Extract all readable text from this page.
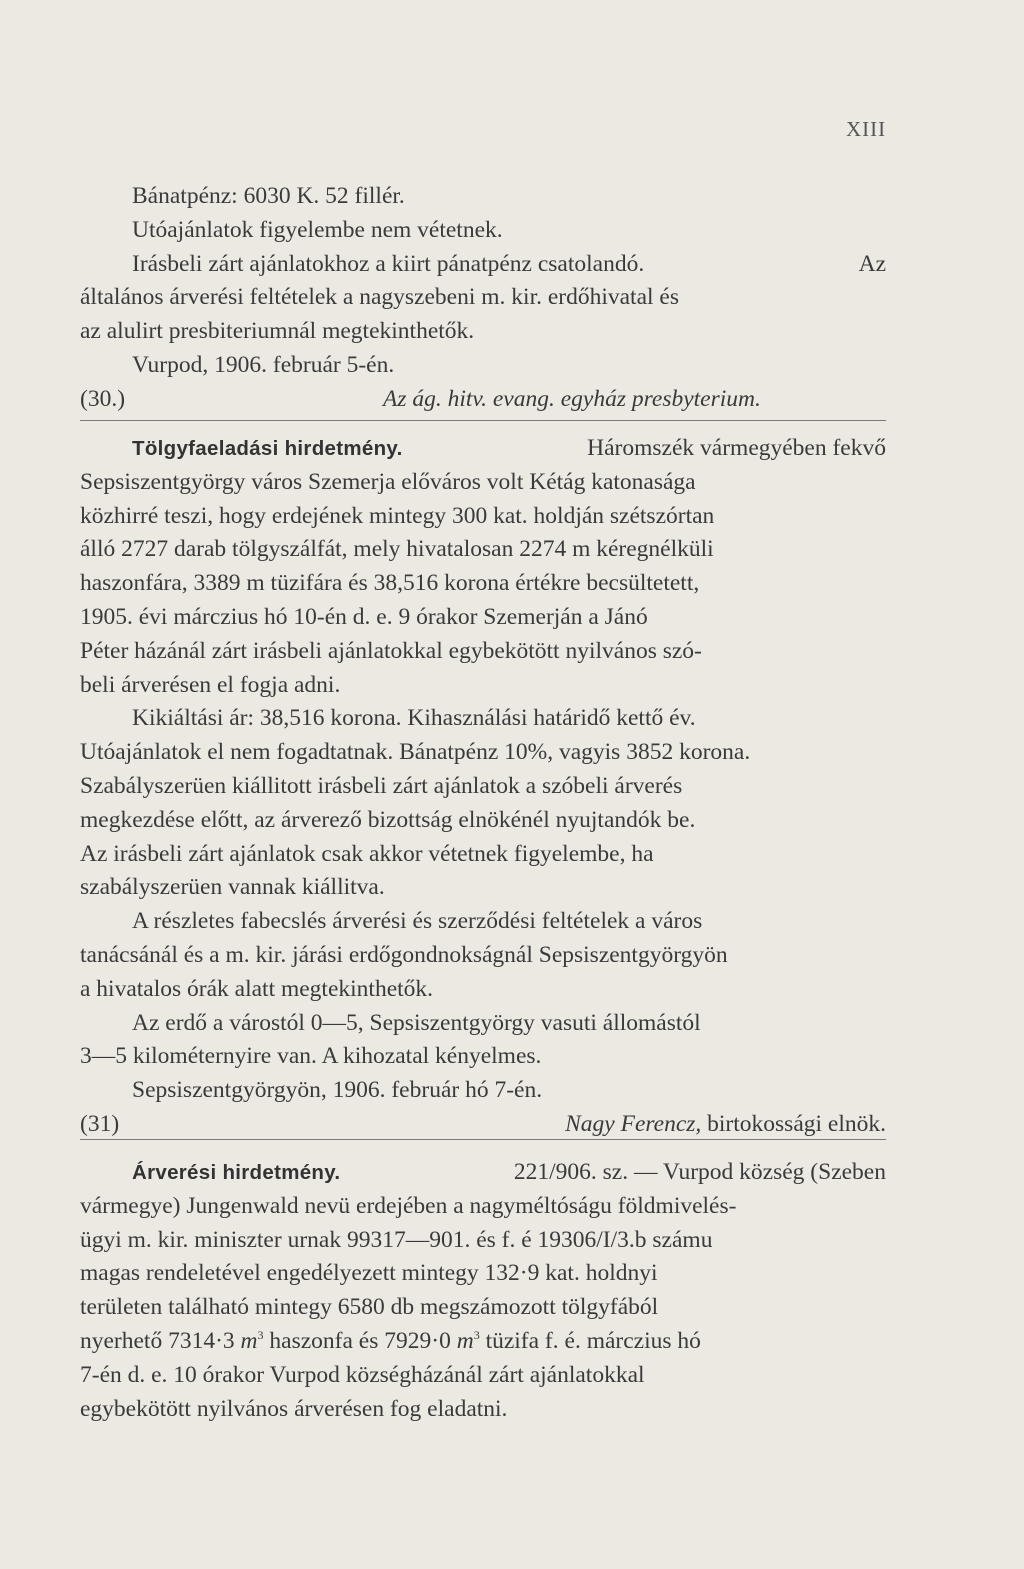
XIII
Bánatpénz: 6030 K. 52 fillér.
Utóajánlatok figyelembe nem vétetnek.
Irásbeli zárt ajánlatokhoz a kiirt pánatpénz csatolandó.	Az
általános árverési feltételek a nagyszebeni m. kir. erdőhivatal és
az alulirt presbiteriumnál megtekinthetők.
Vurpod, 1906. február 5-én.
(30.)	Az ág. hitv. evang. egyház presbyterium.
Tölgyfaeladási hirdetmény.	Háromszék vármegyében fekvő
Sepsiszentgyörgy város Szemerja előváros volt Kétág katonasága
közhirré teszi, hogy erdejének mintegy 300 kat. holdján szétszórtan
álló 2727 darab tölgyszálfát, mely hivatalosan 2274 m kéregnélküli
haszonfára, 3389 m tüzifára és 38,516 korona értékre becsültetett,
1905. évi márczius hó 10-én d. e. 9 órakor Szemerján a Jánó
Péter házánál zárt irásbeli ajánlatokkal egybekötött nyilvános szó-
beli árverésen el fogja adni.
Kikiáltási ár: 38,516 korona. Kihasználási határidő kettő év.
Utóajánlatok el nem fogadtatnak. Bánatpénz 10%, vagyis 3852 korona.
Szabályszerüen kiállitott irásbeli zárt ajánlatok a szóbeli árverés
megkezdése előtt, az árverező bizottság elnökénél nyujtandók be.
Az irásbeli zárt ajánlatok csak akkor vétetnek figyelembe, ha
szabályszerüen vannak kiállitva.
A részletes fabecslés árverési és szerződési feltételek a város
tanácsánál és a m. kir. járási erdőgondnokságnál Sepsiszentgyörgyön
a hivatalos órák alatt megtekinthetők.
Az erdő a várostól 0—5, Sepsiszentgyörgy vasuti állomástól
3—5 kilométernyire van. A kihozatal kényelmes.
Sepsiszentgyörgyön, 1906. február hó 7-én.
(31)	Nagy Ferencz, birtokossági elnök.
Árverési hirdetmény.	221/906. sz. — Vurpod község (Szeben
vármegye) Jungenwald nevü erdejében a nagyméltóságu földmivelés-
ügyi m. kir. miniszter urnak 99317—901. és f. é 19306/I/3.b számu
magas rendeletével engedélyezett mintegy 132·9 kat. holdnyi
területen található mintegy 6580 db megszámozott tölgyfából
nyerhető 7314·3 $m^3$ haszonfa és 7929·0 $m^3$ tüzifa f. é. márczius hó
7-én d. e. 10 órakor Vurpod községházánál zárt ajánlatokkal
egybekötött nyilvános árverésen fog eladatni.
